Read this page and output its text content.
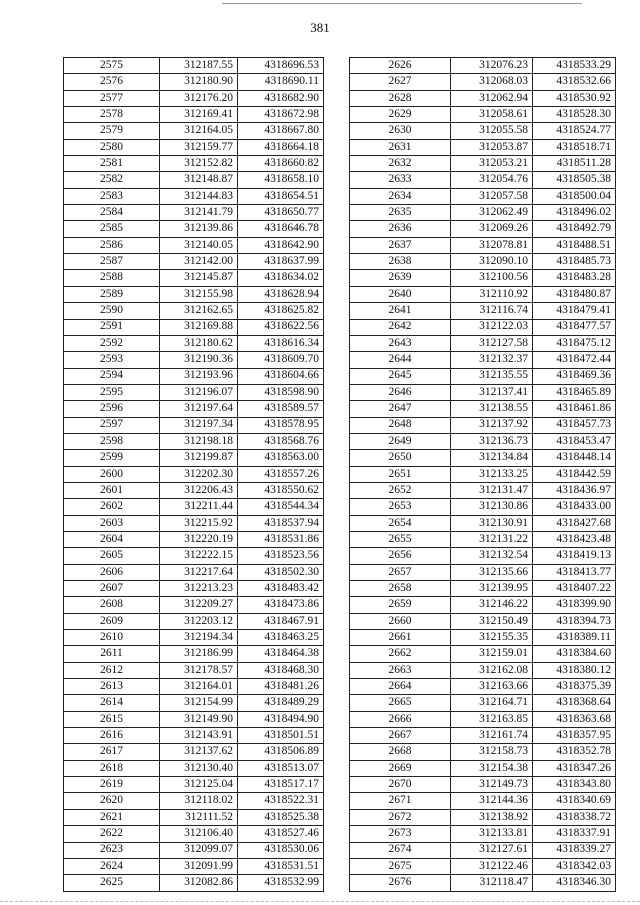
381
2575	312187.55	4318696.53
2576	312180.90	4318690.11
2577	312176.20	4318682.90
2578	312169.41	4318672.98
2579	312164.05	4318667.80
2580	312159.77	4318664.18
2581	312152.82	4318660.82
2582	312148.87	4318658.10
2583	312144.83	4318654.51
2584	312141.79	4318650.77
2585	312139.86	4318646.78
2586	312140.05	4318642.90
2587	312142.00	4318637.99
2588	312145.87	4318634.02
2589	312155.98	4318628.94
2590	312162.65	4318625.82
2591	312169.88	4318622.56
2592	312180.62	4318616.34
2593	312190.36	4318609.70
2594	312193.96	4318604.66
2595	312196.07	4318598.90
2596	312197.64	4318589.57
2597	312197.34	4318578.95
2598	312198.18	4318568.76
2599	312199.87	4318563.00
2600	312202.30	4318557.26
2601	312206.43	4318550.62
2602	312211.44	4318544.34
2603	312215.92	4318537.94
2604	312220.19	4318531.86
2605	312222.15	4318523.56
2606	312217.64	4318502.30
2607	312213.23	4318483.42
2608	312209.27	4318473.86
2609	312203.12	4318467.91
2610	312194.34	4318463.25
2611	312186.99	4318464.38
2612	312178.57	4318468.30
2613	312164.01	4318481.26
2614	312154.99	4318489.29
2615	312149.90	4318494.90
2616	312143.91	4318501.51
2617	312137.62	4318506.89
2618	312130.40	4318513.07
2619	312125.04	4318517.17
2620	312118.02	4318522.31
2621	312111.52	4318525.38
2622	312106.40	4318527.46
2623	312099.07	4318530.06
2624	312091.99	4318531.51
2625	312082.86	4318532.99
2626	312076.23	4318533.29
2627	312068.03	4318532.66
2628	312062.94	4318530.92
2629	312058.61	4318528.30
2630	312055.58	4318524.77
2631	312053.87	4318518.71
2632	312053.21	4318511.28
2633	312054.76	4318505.38
2634	312057.58	4318500.04
2635	312062.49	4318496.02
2636	312069.26	4318492.79
2637	312078.81	4318488.51
2638	312090.10	4318485.73
2639	312100.56	4318483.28
2640	312110.92	4318480.87
2641	312116.74	4318479.41
2642	312122.03	4318477.57
2643	312127.58	4318475.12
2644	312132.37	4318472.44
2645	312135.55	4318469.36
2646	312137.41	4318465.89
2647	312138.55	4318461.86
2648	312137.92	4318457.73
2649	312136.73	4318453.47
2650	312134.84	4318448.14
2651	312133.25	4318442.59
2652	312131.47	4318436.97
2653	312130.86	4318433.00
2654	312130.91	4318427.68
2655	312131.22	4318423.48
2656	312132.54	4318419.13
2657	312135.66	4318413.77
2658	312139.95	4318407.22
2659	312146.22	4318399.90
2660	312150.49	4318394.73
2661	312155.35	4318389.11
2662	312159.01	4318384.60
2663	312162.08	4318380.12
2664	312163.66	4318375.39
2665	312164.71	4318368.64
2666	312163.85	4318363.68
2667	312161.74	4318357.95
2668	312158.73	4318352.78
2669	312154.38	4318347.26
2670	312149.73	4318343.80
2671	312144.36	4318340.69
2672	312138.92	4318338.72
2673	312133.81	4318337.91
2674	312127.61	4318339.27
2675	312122.46	4318342.03
2676	312118.47	4318346.30
